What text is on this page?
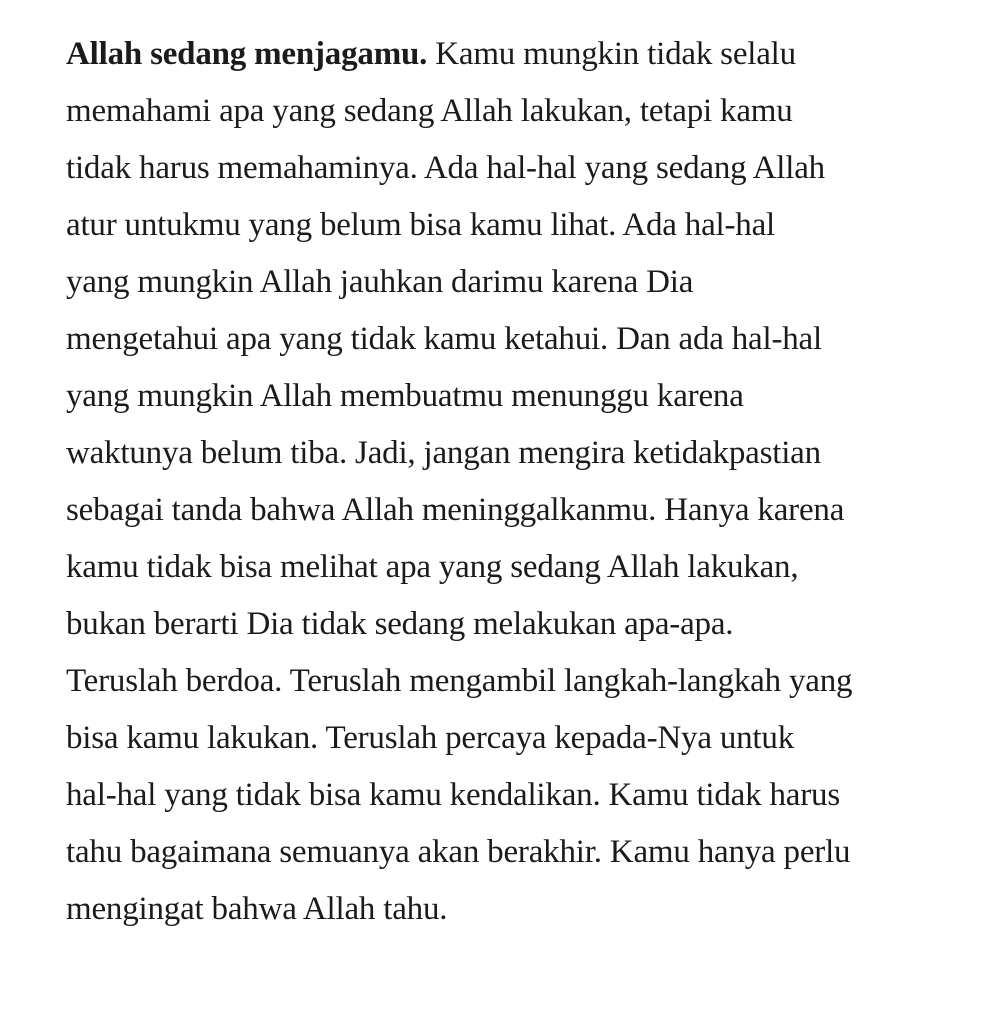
Allah sedang menjagamu. Kamu mungkin tidak selalu
memahami apa yang sedang Allah lakukan, tetapi kamu
tidak harus memahaminya. Ada hal-hal yang sedang Allah
atur untukmu yang belum bisa kamu lihat. Ada hal-hal
yang mungkin Allah jauhkan darimu karena Dia
mengetahui apa yang tidak kamu ketahui. Dan ada hal-hal
yang mungkin Allah membuatmu menunggu karena
waktunya belum tiba. Jadi, jangan mengira ketidakpastian
sebagai tanda bahwa Allah meninggalkanmu. Hanya karena
kamu tidak bisa melihat apa yang sedang Allah lakukan,
bukan berarti Dia tidak sedang melakukan apa-apa.
Teruslah berdoa. Teruslah mengambil langkah-langkah yang
bisa kamu lakukan. Teruslah percaya kepada-Nya untuk
hal-hal yang tidak bisa kamu kendalikan. Kamu tidak harus
tahu bagaimana semuanya akan berakhir. Kamu hanya perlu
mengingat bahwa Allah tahu.
